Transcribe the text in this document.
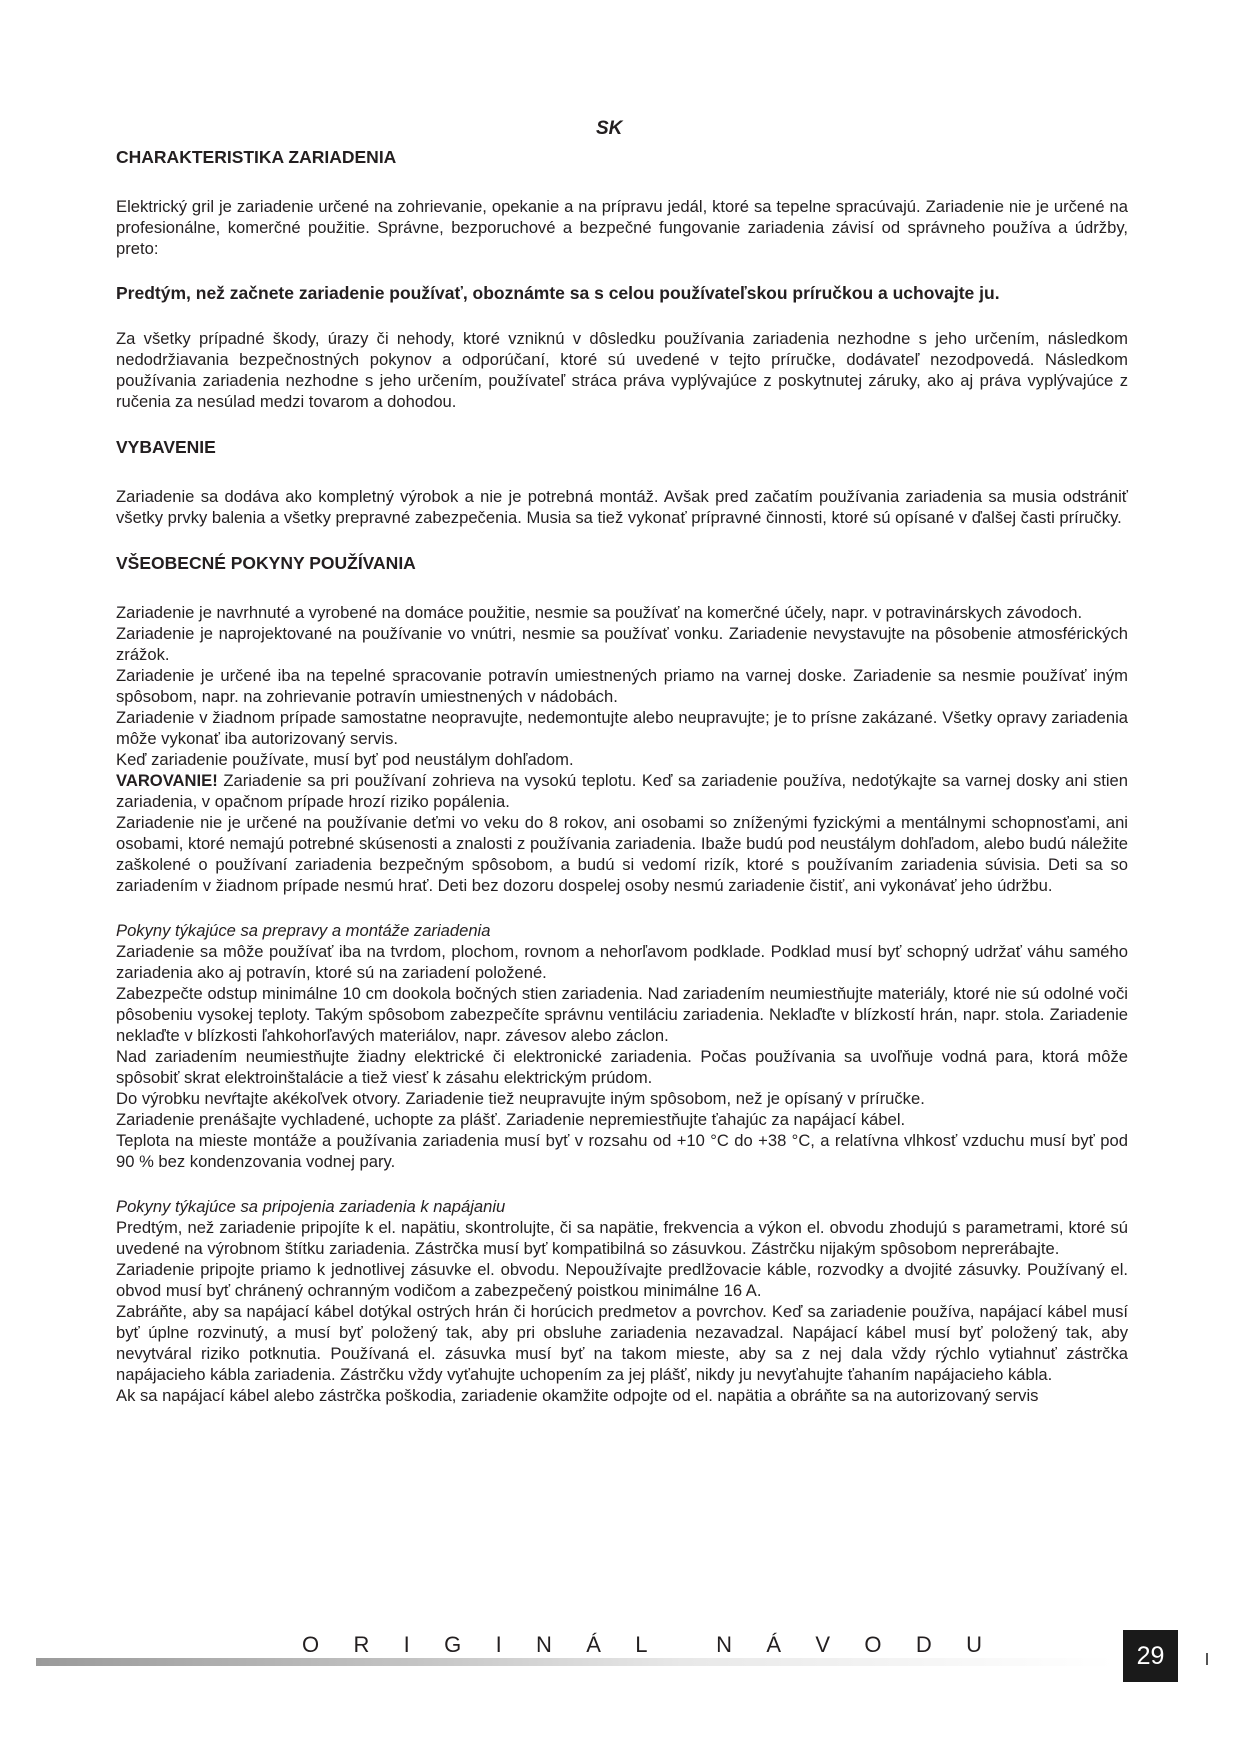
SK
CHARAKTERISTIKA ZARIADENIA

Elektrický gril je zariadenie určené na zohrievanie, opekanie a na prípravu jedál, ktoré sa tepelne spracúvajú. Zariadenie nie je určené na profesionálne, komerčné použitie. Správne, bezporuchové a bezpečné fungovanie zariadenia závisí od správneho používa a údržby, preto:

Predtým, než začnete zariadenie používať, oboznámte sa s celou používateľskou príručkou a uchovajte ju.

Za všetky prípadné škody, úrazy či nehody, ktoré vzniknú v dôsledku používania zariadenia nezhodne s jeho určením, následkom nedodržiavania bezpečnostných pokynov a odporúčaní, ktoré sú uvedené v tejto príručke, dodávateľ nezodpovedá. Následkom používania zariadenia nezhodne s jeho určením, používateľ stráca práva vyplývajúce z poskytnutej záruky, ako aj práva vyplývajúce z ručenia za nesúlad medzi tovarom a dohodou.

VYBAVENIE

Zariadenie sa dodáva ako kompletný výrobok a nie je potrebná montáž. Avšak pred začatím používania zariadenia sa musia odstrániť všetky prvky balenia a všetky prepravné zabezpečenia. Musia sa tiež vykonať prípravné činnosti, ktoré sú opísané v ďalšej časti príručky.

VŠEOBECNÉ POKYNY POUŽÍVANIA

Zariadenie je navrhnuté a vyrobené na domáce použitie, nesmie sa používať na komerčné účely, napr. v potravinárskych závodoch.

Zariadenie je naprojektované na používanie vo vnútri, nesmie sa používať vonku. Zariadenie nevystavujte na pôsobenie atmosférických zrážok.

Zariadenie je určené iba na tepelné spracovanie potravín umiestnených priamo na varnej doske. Zariadenie sa nesmie používať iným spôsobom, napr. na zohrievanie potravín umiestnených v nádobách.

Zariadenie v žiadnom prípade samostatne neopravujte, nedemontujte alebo neupravujte; je to prísne zakázané. Všetky opravy zariadenia môže vykonať iba autorizovaný servis.

Keď zariadenie používate, musí byť pod neustálym dohľadom.

VAROVANIE! Zariadenie sa pri používaní zohrieva na vysokú teplotu. Keď sa zariadenie používa, nedotýkajte sa varnej dosky ani stien zariadenia, v opačnom prípade hrozí riziko popálenia.

Zariadenie nie je určené na používanie deťmi vo veku do 8 rokov, ani osobami so zníženými fyzickými a mentálnymi schopnosťami, ani osobami, ktoré nemajú potrebné skúsenosti a znalosti z používania zariadenia. Ibaže budú pod neustálym dohľadom, alebo budú náležite zaškolené o používaní zariadenia bezpečným spôsobom, a budú si vedomí rizík, ktoré s používaním zariadenia súvisia. Deti sa so zariadením v žiadnom prípade nesmú hrať. Deti bez dozoru dospelej osoby nesmú zariadenie čistiť, ani vykonávať jeho údržbu.

Pokyny týkajúce sa prepravy a montáže zariadenia

Zariadenie sa môže používať iba na tvrdom, plochom, rovnom a nehorľavom podklade. Podklad musí byť schopný udržať váhu samého zariadenia ako aj potravín, ktoré sú na zariadení položené.

Zabezpečte odstup minimálne 10 cm dookola bočných stien zariadenia. Nad zariadením neumiestňujte materiály, ktoré nie sú odolné voči pôsobeniu vysokej teploty. Takým spôsobom zabezpečíte správnu ventiláciu zariadenia. Neklaďte v blízkostí hrán, napr. stola. Zariadenie neklaďte v blízkosti ľahkohorľavých materiálov, napr. závesov alebo záclon.

Nad zariadením neumiestňujte žiadny elektrické či elektronické zariadenia. Počas používania sa uvoľňuje vodná para, ktorá môže spôsobiť skrat elektroinštalácie a tiež viesť k zásahu elektrickým prúdom.

Do výrobku nevŕtajte akékoľvek otvory. Zariadenie tiež neupravujte iným spôsobom, než je opísaný v príručke.

Zariadenie prenášajte vychladené, uchopte za plášť. Zariadenie nepremiestňujte ťahajúc za napájací kábel.

Teplota na mieste montáže a používania zariadenia musí byť v rozsahu od +10 °C do +38 °C, a relatívna vlhkosť vzduchu musí byť pod 90 % bez kondenzovania vodnej pary.

Pokyny týkajúce sa pripojenia zariadenia k napájaniu

Predtým, než zariadenie pripojíte k el. napätiu, skontrolujte, či sa napätie, frekvencia a výkon el. obvodu zhodujú s parametrami, ktoré sú uvedené na výrobnom štítku zariadenia. Zástrčka musí byť kompatibilná so zásuvkou. Zástrčku nijakým spôsobom neprerábajte.

Zariadenie pripojte priamo k jednotlivej zásuvke el. obvodu. Nepoužívajte predlžovacie káble, rozvodky a dvojité zásuvky. Používaný el. obvod musí byť chránený ochranným vodičom a zabezpečený poistkou minimálne 16 A.

Zabráňte, aby sa napájací kábel dotýkal ostrých hrán či horúcich predmetov a povrchov. Keď sa zariadenie používa, napájací kábel musí byť úplne rozvinutý, a musí byť položený tak, aby pri obsluhe zariadenia nezavadzal. Napájací kábel musí byť položený tak, aby nevytváral riziko potknutia. Používaná el. zásuvka musí byť na takom mieste, aby sa z nej dala vždy rýchlo vytiahnuť zástrčka napájacieho kábla zariadenia. Zástrčku vždy vyťahujte uchopením za jej plášť, nikdy ju nevyťahujte ťahaním napájacieho kábla.

Ak sa napájací kábel alebo zástrčka poškodia, zariadenie okamžite odpojte od el. napätia a obráňte sa na autorizovaný servis

O R I G I N Á L	N Á V O D U	29
